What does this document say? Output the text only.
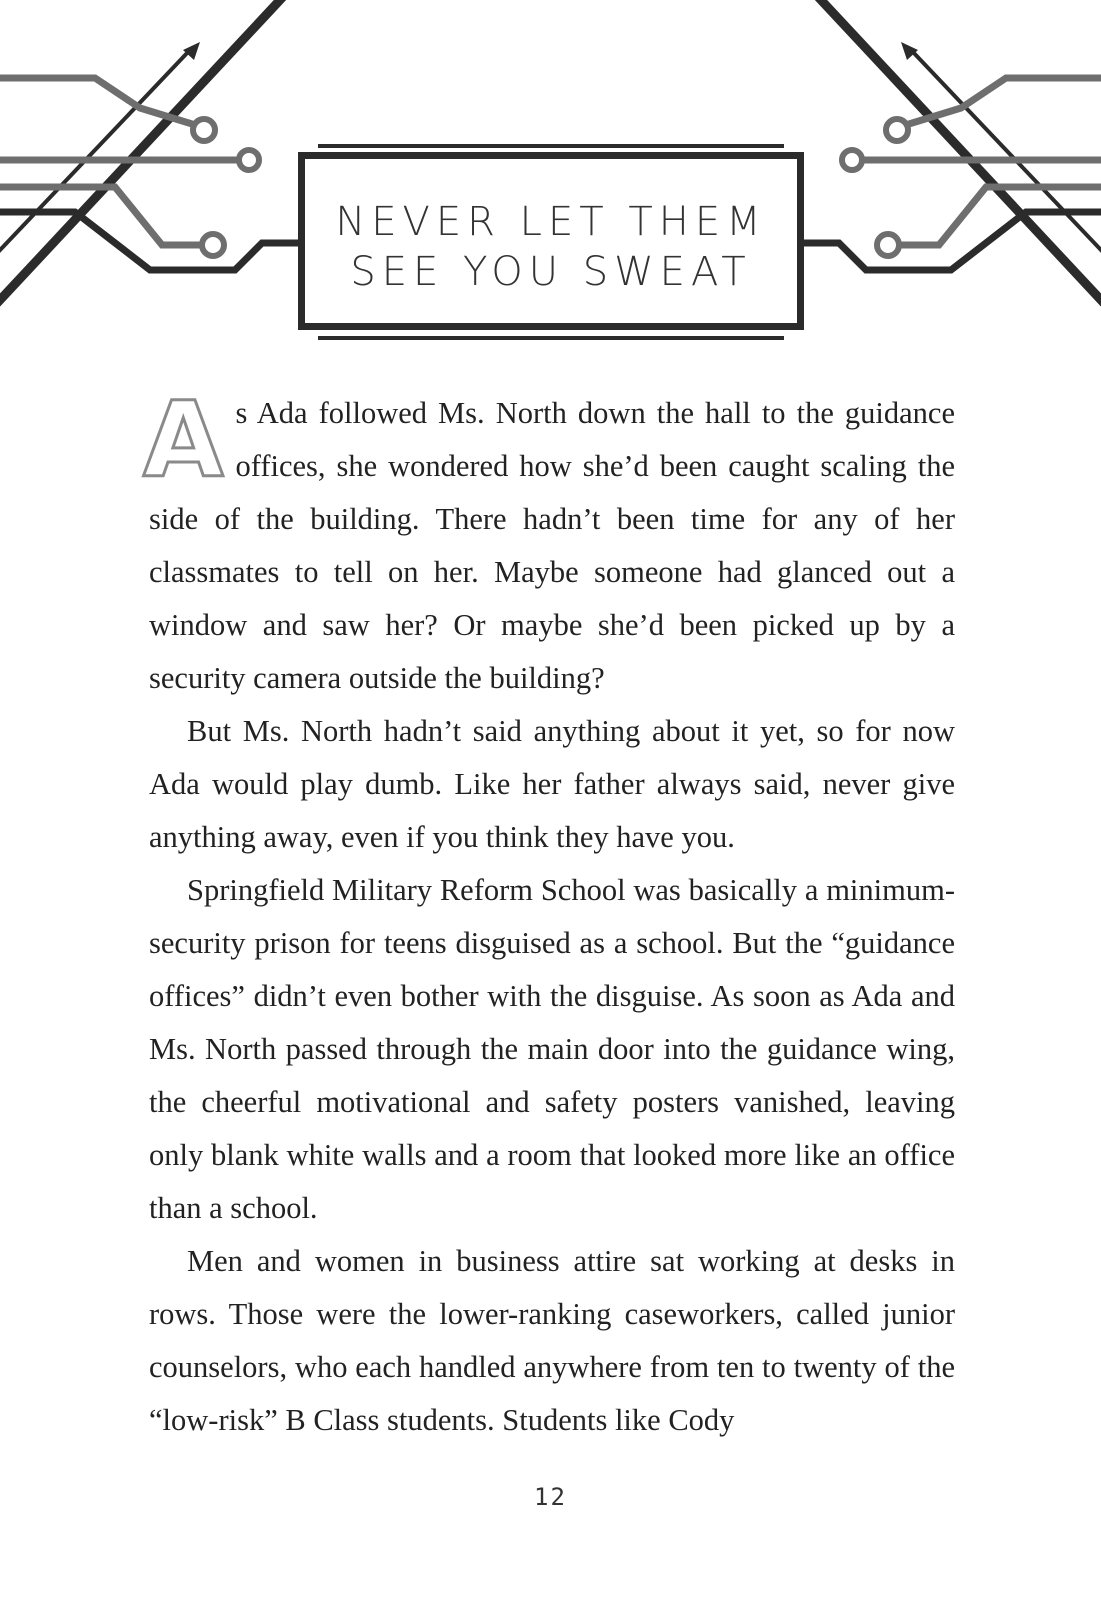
NEVER LET THEM
SEE YOU SWEAT

As Ada followed Ms. North down the hall to the guidance offices, she wondered how she’d been caught scaling the side of the building. There hadn’t been time for any of her classmates to tell on her. Maybe someone had glanced out a window and saw her? Or maybe she’d been picked up by a security camera outside the building?

But Ms. North hadn’t said anything about it yet, so for now Ada would play dumb. Like her father always said, never give anything away, even if you think they have you.

Springfield Military Reform School was basically a minimum-security prison for teens disguised as a school. But the “guidance offices” didn’t even bother with the disguise. As soon as Ada and Ms. North passed through the main door into the guidance wing, the cheerful motivational and safety posters vanished, leaving only blank white walls and a room that looked more like an office than a school.

Men and women in business attire sat working at desks in rows. Those were the lower-ranking caseworkers, called junior counselors, who each handled anywhere from ten to twenty of the “low-risk” B Class students. Students like Cody

12
